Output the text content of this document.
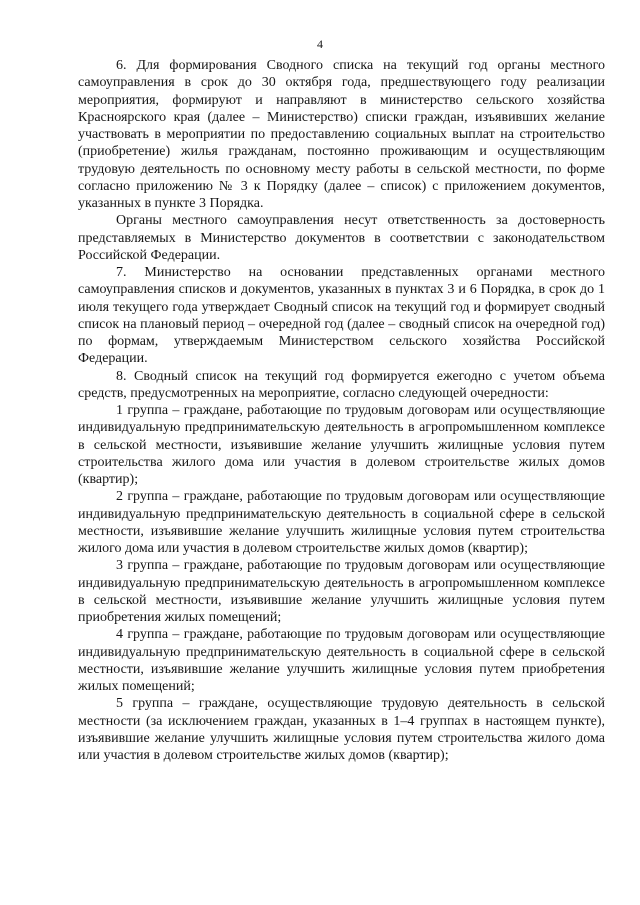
4

6. Для формирования Сводного списка на текущий год органы местного самоуправления в срок до 30 октября года, предшествующего году реализации мероприятия, формируют и направляют в министерство сельского хозяйства Красноярского края (далее – Министерство) списки граждан, изъявивших желание участвовать в мероприятии по предоставлению социальных выплат на строительство (приобретение) жилья гражданам, постоянно проживающим и осуществляющим трудовую деятельность по основному месту работы в сельской местности, по форме согласно приложению № 3 к Порядку (далее – список) с приложением документов, указанных в пункте 3 Порядка.

Органы местного самоуправления несут ответственность за достоверность представляемых в Министерство документов в соответствии с законодательством Российской Федерации.

7. Министерство на основании представленных органами местного самоуправления списков и документов, указанных в пунктах 3 и 6 Порядка, в срок до 1 июля текущего года утверждает Сводный список на текущий год и формирует сводный список на плановый период – очередной год (далее – сводный список на очередной год) по формам, утверждаемым Министерством сельского хозяйства Российской Федерации.

8. Сводный список на текущий год формируется ежегодно с учетом объема средств, предусмотренных на мероприятие, согласно следующей очередности:

1 группа – граждане, работающие по трудовым договорам или осуществляющие индивидуальную предпринимательскую деятельность в агропромышленном комплексе в сельской местности, изъявившие желание улучшить жилищные условия путем строительства жилого дома или участия в долевом строительстве жилых домов (квартир);

2 группа – граждане, работающие по трудовым договорам или осуществляющие индивидуальную предпринимательскую деятельность в социальной сфере в сельской местности, изъявившие желание улучшить жилищные условия путем строительства жилого дома или участия в долевом строительстве жилых домов (квартир);

3 группа – граждане, работающие по трудовым договорам или осуществляющие индивидуальную предпринимательскую деятельность в агропромышленном комплексе в сельской местности, изъявившие желание улучшить жилищные условия путем приобретения жилых помещений;

4 группа – граждане, работающие по трудовым договорам или осуществляющие индивидуальную предпринимательскую деятельность в социальной сфере в сельской местности, изъявившие желание улучшить жилищные условия путем приобретения жилых помещений;

5 группа – граждане, осуществляющие трудовую деятельность в сельской местности (за исключением граждан, указанных в 1–4 группах в настоящем пункте), изъявившие желание улучшить жилищные условия путем строительства жилого дома или участия в долевом строительстве жилых домов (квартир);
